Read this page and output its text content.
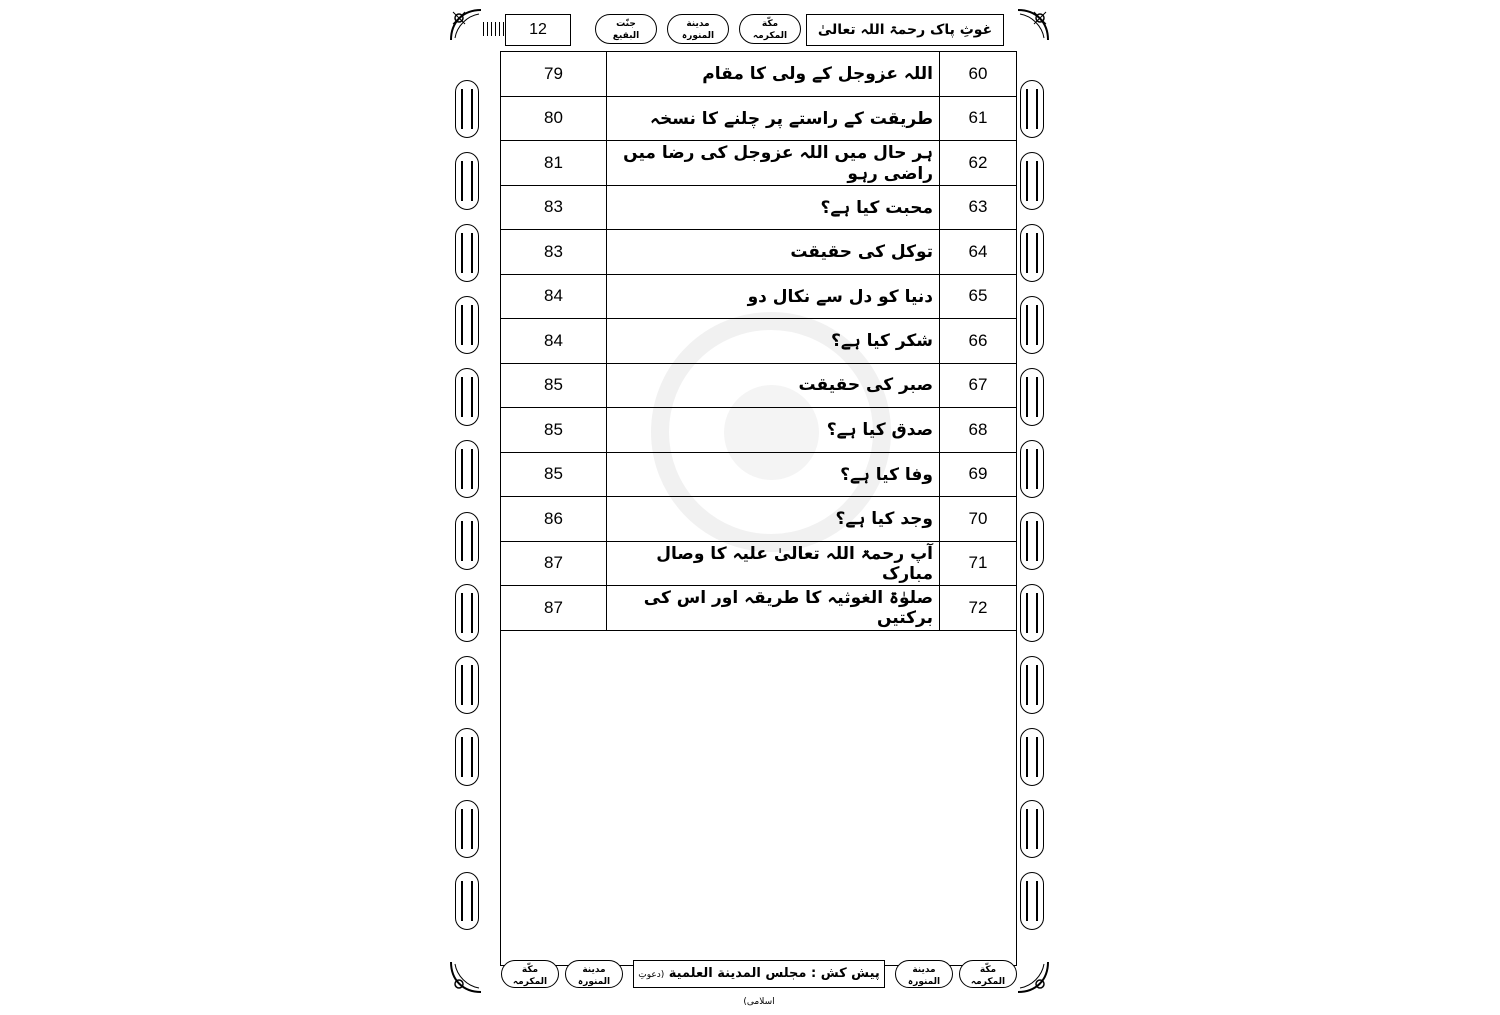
12	جنّت
البقیع
مدینة
المنورہ
مکّة
المکرمہ	غوثِ پاک رحمۃ اللہ تعالیٰ
79	اللہ عزوجل کے ولی کا مقام	60
80	طریقت کے راستے پر چلنے کا نسخہ	61
81	ہر حال میں اللہ عزوجل کی رضا میں راضی رہو	62
83	محبت کیا ہے؟	63
83	توکل کی حقیقت	64
84	دنیا کو دل سے نکال دو	65
84	شکر کیا ہے؟	66
85	صبر کی حقیقت	67
85	صدق کیا ہے؟	68
85	وفا کیا ہے؟	69
86	وجد کیا ہے؟	70
87	آپ رحمۃ اللہ تعالیٰ علیہ کا وصال مبارک	71
87	صلوٰۃ الغوثیہ کا طریقہ اور اس کی برکتیں	72
مدینة
المنورہ
مکّة
المکرمہ
پیش کش : مجلس المدینة العلمیة (دعوتِ اسلامی)
مدینة
المنورہ
مکّة
المکرمہ
